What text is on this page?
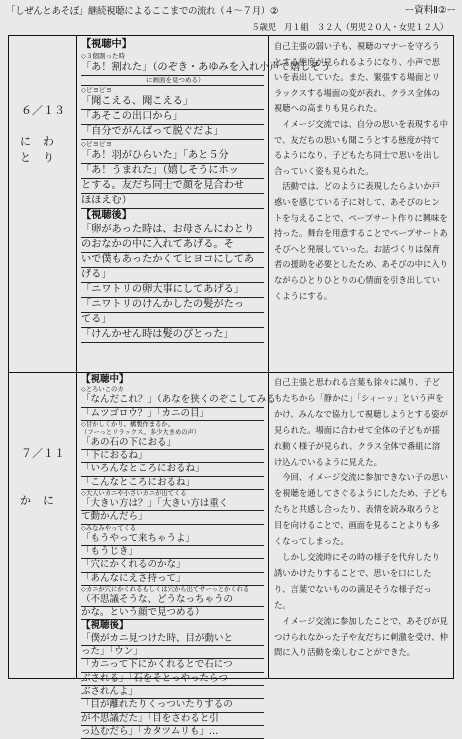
「しぜんとあそぼ」継続視聴によるここまでの流れ（４〜７月）②	ー資料Ⅱ②ー
５歳児　月１組　３２人（男児２０人・女児１２人）
６／１３
にわとり
【視聴中】
◇３個割った時
「あ！割れた」（のぞき・あゆみを入れ小声で嬉しそう
　　　　　　　　　　に画面を見つめる）
◇ピヨピヨ
「聞こえる、聞こえる」
「あそこの出口から」
「自分でがんばって脱ぐだよ」
◇ピヨピヨ
「あ！羽がひらいた」「あと５分
「あ！うまれた」（嬉しそうにホッ
とする。友だち同士で顔を見合わせ
ほほえむ）
【視聴後】
「卵があった時は、お母さんにわとり
のおなかの中に入れてあげる。そ
いで僕もあったかくてヒヨコにしてあ
げる」
「ニワトリの卵大事にしてあげる」
「ニワトリのけんかしたの髪がたっ
てる」
「けんかせん時は髪のぴとった」

自己主張の弱い子も、視聴のマナーを守ろうとする態度が見られるようになり、小声で思いを表出していた。また、緊張する場面とリラックスする場面の変が表れ、クラス全体の視聴への高まりも見られた。

　イメージ交流では、自分の思いを表現する中で、友だちの思いも聞こうとする態度が持てるようになり、子どもたち同士で思いを出し合っていく姿も見られた。

　活動では、どのように表現したらよいか戸惑いを感じている子に対して、あそびのヒントを与えることで、ペープサート作りに興味を持った。舞台を用意することでペープサートあそびへと発展していった。お話づくりは保育者の援助を必要としたため、あそびの中に入りながらひとりひとりの心情面を引き出していくようにする。

７／１１
かに
【視聴中】
◇とろいこのカ
「なんだこれ？」（あなを狭くのぞこしてみる
「ムツゴロウ？」「カニの目」
◇甘かしくかり。構製作まるか。
（フーっとリラックス。多少大きめの声）
「あの石の下におる」
「下におるね」
「いろんなところにおるね」
「こんなところにおるね」
◇大人いカニや小さいカニが出てくる
「大きい方は？」「大きい方は重く
て動かんだら」
◇みなみやってくる
「もうやって来ちゃうよ」
「もうじき」
「穴にかくれるのかな」
「あんなにえさ持って」
◇カニが穴にかくれるもしくは穴から出てサーっとかくれる
（不思議そうな、どうなっちゃうの
かな。という顔で見つめる）
【視聴後】
「僕がカニ見つけた時、目が動いと
った」「ウン」
「カニって下にかくれるとで石につ
ぶされる」「石をそとっやったらつ
ぶされんよ」
「目が離れたりくっついたりするの
が不思議だた」「目をさわると引
っ込むだら」「カタツムリも」…

自己主張と思われる言葉も徐々に減り、子どもたちから「静かに」「シィーッ」という声をかけ、みんなで協力して視聴しようとする姿が見られた。場面に合わせて全体の子どもが揺れ動く様子が見られ、クラス全体で番組に溶け込んでいるように見えた。

　今回、イメージ交流に参加できない子の思いを視聴を通してさぐるようにしたため、子どもたちと共感し合ったり、表情を読み取ろうと目を向けることで、画面を見ることよりも多くなってしまった。

　しかし交流時にその時の様子を代弁したり誘いかけたりすることで、思いを口にしたり、言葉でないものの満足そうな様子だった。

　イメージ交流に参加したことで、あそびが見つけられなかった子や友だちに刺激を受け、仲間に入り活動を楽しむことができた。
